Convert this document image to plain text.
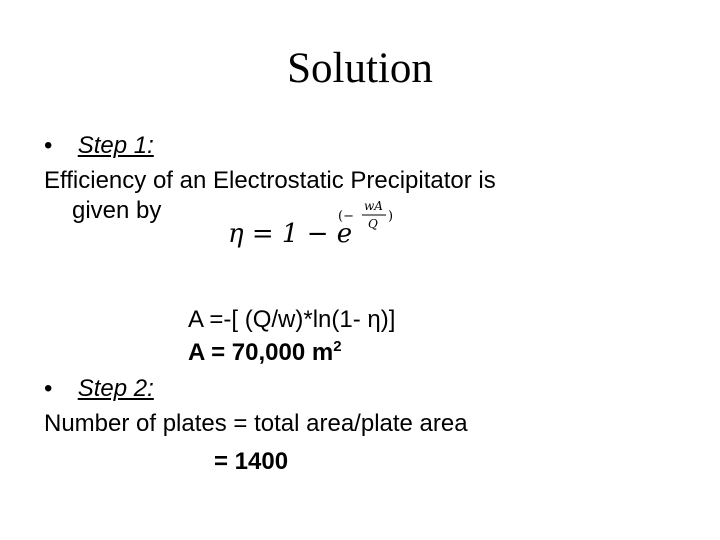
Solution
• Step 1:
Efficiency of an Electrostatic Precipitator is
given by
η = 1 − e
(−
wA
Q )
A =-[ (Q/w)*ln(1- η)]
A = 70,000 $m^2$
• Step 2:
Number of plates = total area/plate area
= 1400
